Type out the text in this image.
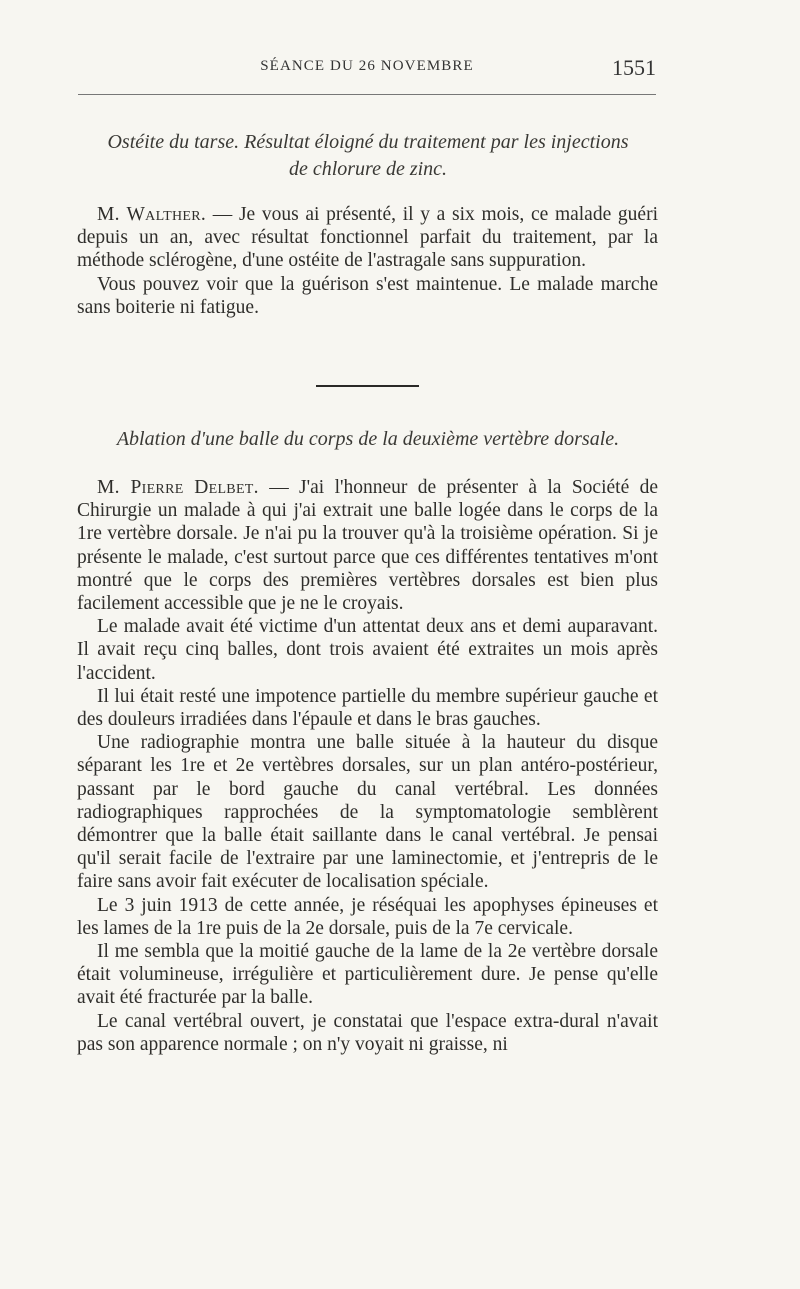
SÉANCE DU 26 NOVEMBRE	1551
Ostéite du tarse. Résultat éloigné du traitement par les injections
de chlorure de zinc.

M. Walther. — Je vous ai présenté, il y a six mois, ce malade guéri depuis un an, avec résultat fonctionnel parfait du traitement, par la méthode sclérogène, d'une ostéite de l'astragale sans suppuration.

Vous pouvez voir que la guérison s'est maintenue. Le malade marche sans boiterie ni fatigue.

Ablation d'une balle du corps de la deuxième vertèbre dorsale.

M. Pierre Delbet. — J'ai l'honneur de présenter à la Société de Chirurgie un malade à qui j'ai extrait une balle logée dans le corps de la 1re vertèbre dorsale. Je n'ai pu la trouver qu'à la troisième opération. Si je présente le malade, c'est surtout parce que ces différentes tentatives m'ont montré que le corps des premières vertèbres dorsales est bien plus facilement accessible que je ne le croyais.

Le malade avait été victime d'un attentat deux ans et demi auparavant. Il avait reçu cinq balles, dont trois avaient été extraites un mois après l'accident.

Il lui était resté une impotence partielle du membre supérieur gauche et des douleurs irradiées dans l'épaule et dans le bras gauches.

Une radiographie montra une balle située à la hauteur du disque séparant les 1re et 2e vertèbres dorsales, sur un plan antéro-postérieur, passant par le bord gauche du canal vertébral. Les données radiographiques rapprochées de la symptomatologie semblèrent démontrer que la balle était saillante dans le canal vertébral. Je pensai qu'il serait facile de l'extraire par une laminectomie, et j'entrepris de le faire sans avoir fait exécuter de localisation spéciale.

Le 3 juin 1913 de cette année, je réséquai les apophyses épineuses et les lames de la 1re puis de la 2e dorsale, puis de la 7e cervicale.

Il me sembla que la moitié gauche de la lame de la 2e vertèbre dorsale était volumineuse, irrégulière et particulièrement dure. Je pense qu'elle avait été fracturée par la balle.

Le canal vertébral ouvert, je constatai que l'espace extra-dural n'avait pas son apparence normale ; on n'y voyait ni graisse, ni
